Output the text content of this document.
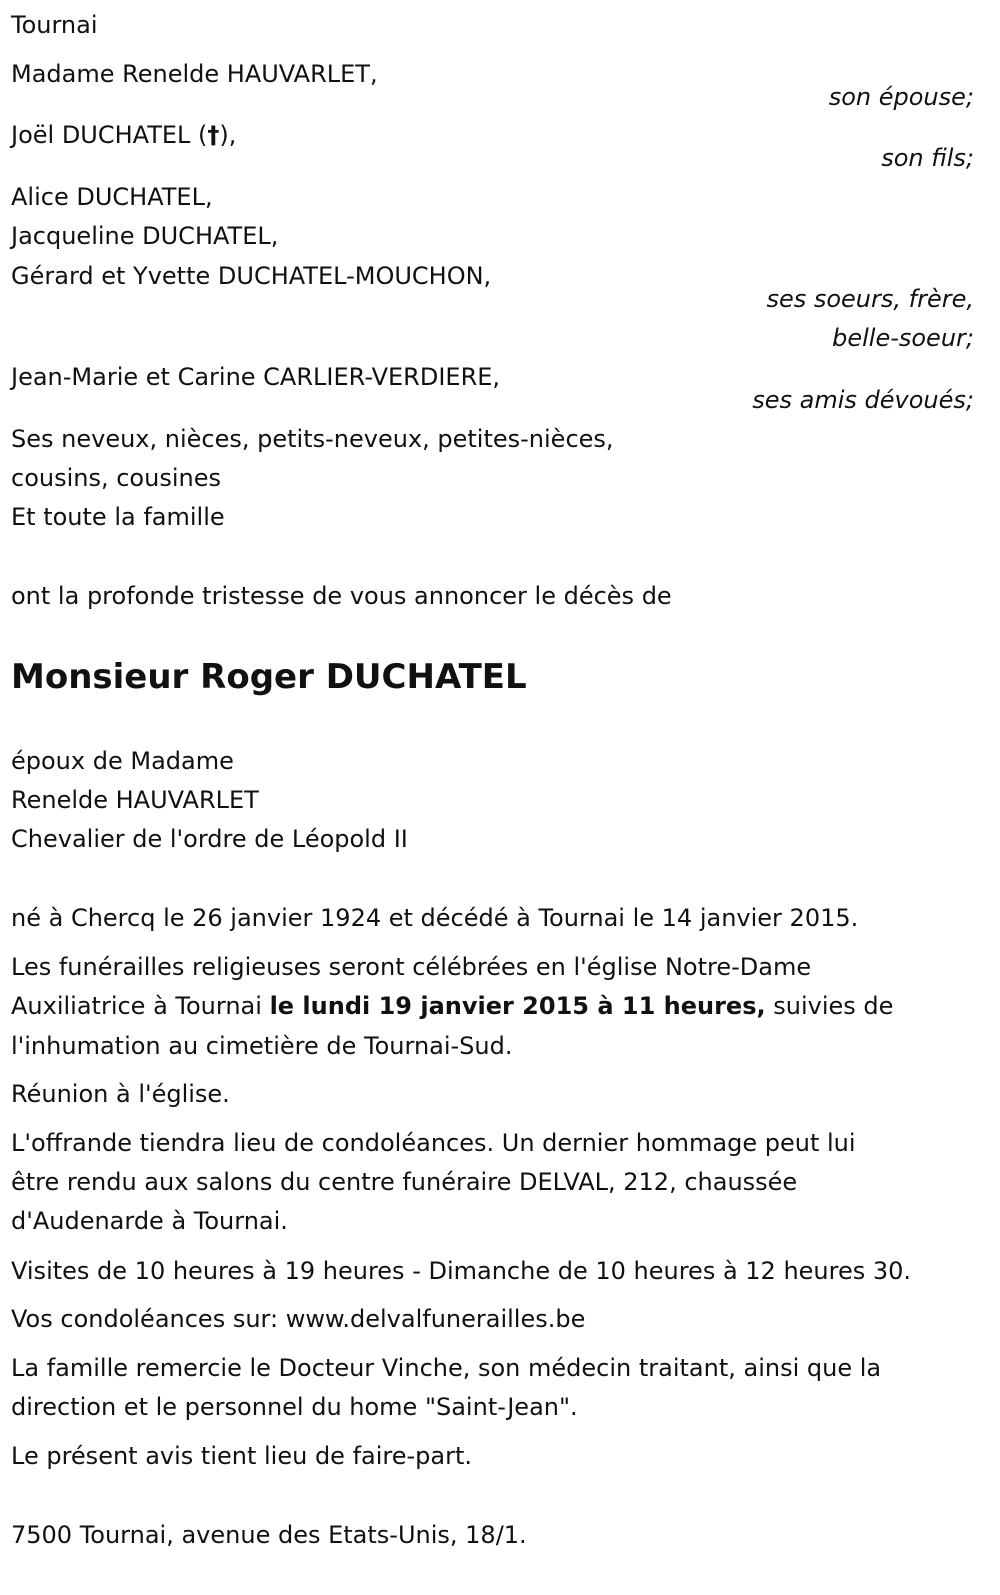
Tournai
Madame Renelde HAUVARLET,
son épouse;
Joël DUCHATEL (†),
son fils;
Alice DUCHATEL,
Jacqueline DUCHATEL,
Gérard et Yvette DUCHATEL-MOUCHON,
ses soeurs, frère,
belle-soeur;
Jean-Marie et Carine CARLIER-VERDIERE,
ses amis dévoués;
Ses neveux, nièces, petits-neveux, petites-nièces,
cousins, cousines
Et toute la famille
ont la profonde tristesse de vous annoncer le décès de
Monsieur Roger DUCHATEL
époux de Madame
Renelde HAUVARLET
Chevalier de l'ordre de Léopold II
né à Chercq le 26 janvier 1924 et décédé à Tournai le 14 janvier 2015.
Les funérailles religieuses seront célébrées en l'église Notre-Dame
Auxiliatrice à Tournai le lundi 19 janvier 2015 à 11 heures, suivies de
l'inhumation au cimetière de Tournai-Sud.
Réunion à l'église.
L'offrande tiendra lieu de condoléances. Un dernier hommage peut lui
être rendu aux salons du centre funéraire DELVAL, 212, chaussée
d'Audenarde à Tournai.
Visites de 10 heures à 19 heures - Dimanche de 10 heures à 12 heures 30.
Vos condoléances sur: www.delvalfunerailles.be
La famille remercie le Docteur Vinche, son médecin traitant, ainsi que la
direction et le personnel du home "Saint-Jean".
Le présent avis tient lieu de faire-part.
7500 Tournai, avenue des Etats-Unis, 18/1.
